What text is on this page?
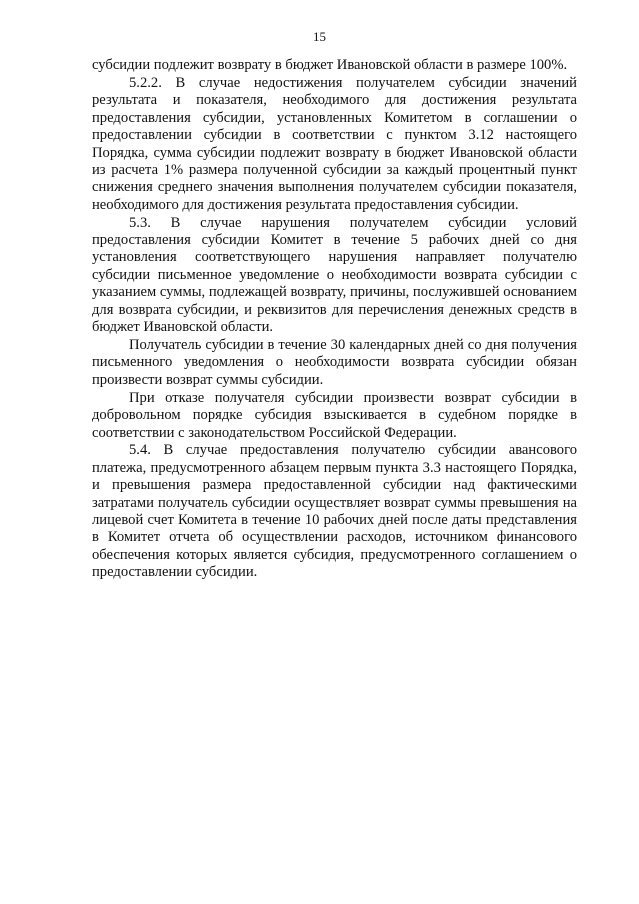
15

субсидии подлежит возврату в бюджет Ивановской области в размере 100%.

5.2.2. В случае недостижения получателем субсидии значений результата и показателя, необходимого для достижения результата предоставления субсидии, установленных Комитетом в соглашении о предоставлении субсидии в соответствии с пунктом 3.12 настоящего Порядка, сумма субсидии подлежит возврату в бюджет Ивановской области из расчета 1% размера полученной субсидии за каждый процентный пункт снижения среднего значения выполнения получателем субсидии показателя, необходимого для достижения результата предоставления субсидии.

5.3. В случае нарушения получателем субсидии условий предоставления субсидии Комитет в течение 5 рабочих дней со дня установления соответствующего нарушения направляет получателю субсидии письменное уведомление о необходимости возврата субсидии с указанием суммы, подлежащей возврату, причины, послужившей основанием для возврата субсидии, и реквизитов для перечисления денежных средств в бюджет Ивановской области.

Получатель субсидии в течение 30 календарных дней со дня получения письменного уведомления о необходимости возврата субсидии обязан произвести возврат суммы субсидии.

При отказе получателя субсидии произвести возврат субсидии в добровольном порядке субсидия взыскивается в судебном порядке в соответствии с законодательством Российской Федерации.

5.4. В случае предоставления получателю субсидии авансового платежа, предусмотренного абзацем первым пункта 3.3 настоящего Порядка, и превышения размера предоставленной субсидии над фактическими затратами получатель субсидии осуществляет возврат суммы превышения на лицевой счет Комитета в течение 10 рабочих дней после даты представления в Комитет отчета об осуществлении расходов, источником финансового обеспечения которых является субсидия, предусмотренного соглашением о предоставлении субсидии.
